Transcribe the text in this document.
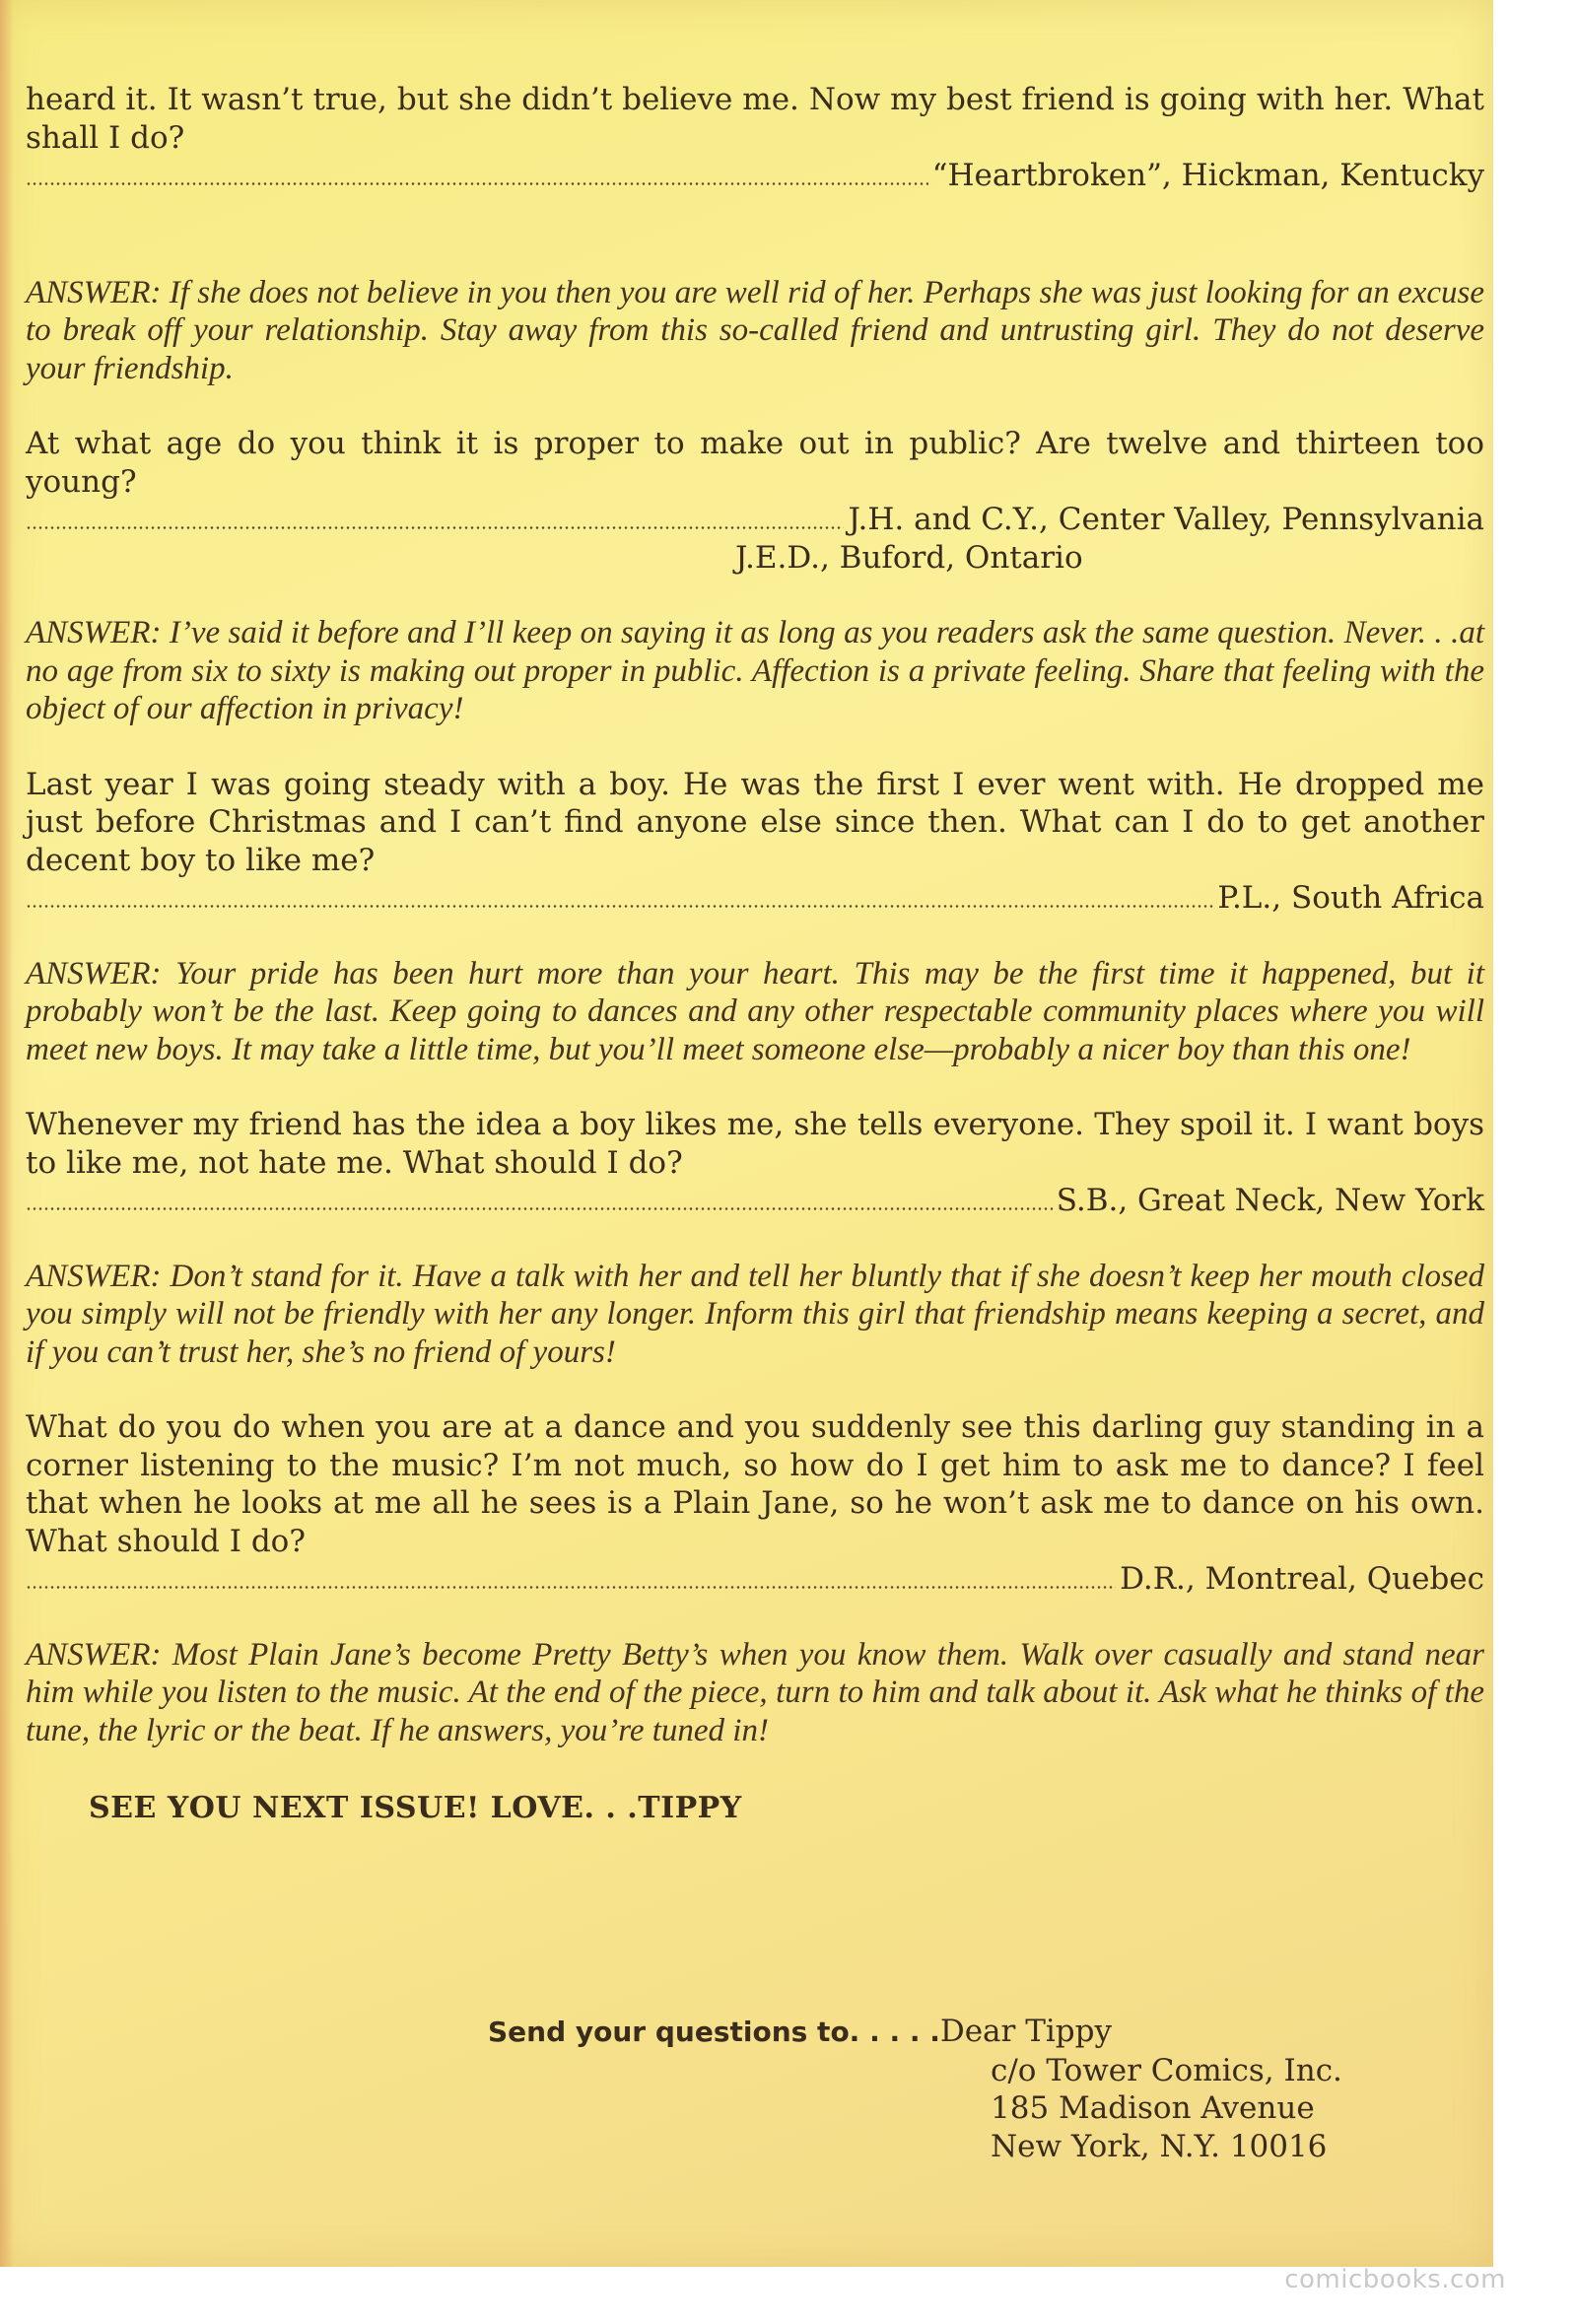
heard it. It wasn’t true, but she didn’t believe me. Now my best friend is going with her. What shall I do?

“Heartbroken”, Hickman, Kentucky

ANSWER: If she does not believe in you then you are well rid of her. Perhaps she was just looking for an excuse to break off your relationship. Stay away from this so-called friend and untrusting girl. They do not deserve your friendship.

At what age do you think it is proper to make out in public? Are twelve and thirteen too young?

J.H. and C.Y., Center Valley, Pennsylvania

J.E.D., Buford, Ontario

ANSWER: I’ve said it before and I’ll keep on saying it as long as you readers ask the same question. Never. . .at no age from six to sixty is making out proper in public. Affection is a private feeling. Share that feeling with the object of our affection in privacy!

Last year I was going steady with a boy. He was the first I ever went with. He dropped me just before Christmas and I can’t find anyone else since then. What can I do to get another decent boy to like me?

P.L., South Africa

ANSWER: Your pride has been hurt more than your heart. This may be the first time it happened, but it probably won’t be the last. Keep going to dances and any other respectable community places where you will meet new boys. It may take a little time, but you’ll meet someone else—probably a nicer boy than this one!

Whenever my friend has the idea a boy likes me, she tells everyone. They spoil it. I want boys to like me, not hate me. What should I do?

S.B., Great Neck, New York

ANSWER: Don’t stand for it. Have a talk with her and tell her bluntly that if she doesn’t keep her mouth closed you simply will not be friendly with her any longer. Inform this girl that friendship means keeping a secret, and if you can’t trust her, she’s no friend of yours!

What do you do when you are at a dance and you suddenly see this darling guy standing in a corner listening to the music? I’m not much, so how do I get him to ask me to dance? I feel that when he looks at me all he sees is a Plain Jane, so he won’t ask me to dance on his own. What should I do?

D.R., Montreal, Quebec

ANSWER: Most Plain Jane’s become Pretty Betty’s when you know them. Walk over casually and stand near him while you listen to the music. At the end of the piece, turn to him and talk about it. Ask what he thinks of the tune, the lyric or the beat. If he answers, you’re tuned in!

SEE YOU NEXT ISSUE! LOVE. . .TIPPY

Send your questions to. . . . .Dear Tippy
c/o Tower Comics, Inc.
185 Madison Avenue
New York, N.Y. 10016
comicbooks.com
